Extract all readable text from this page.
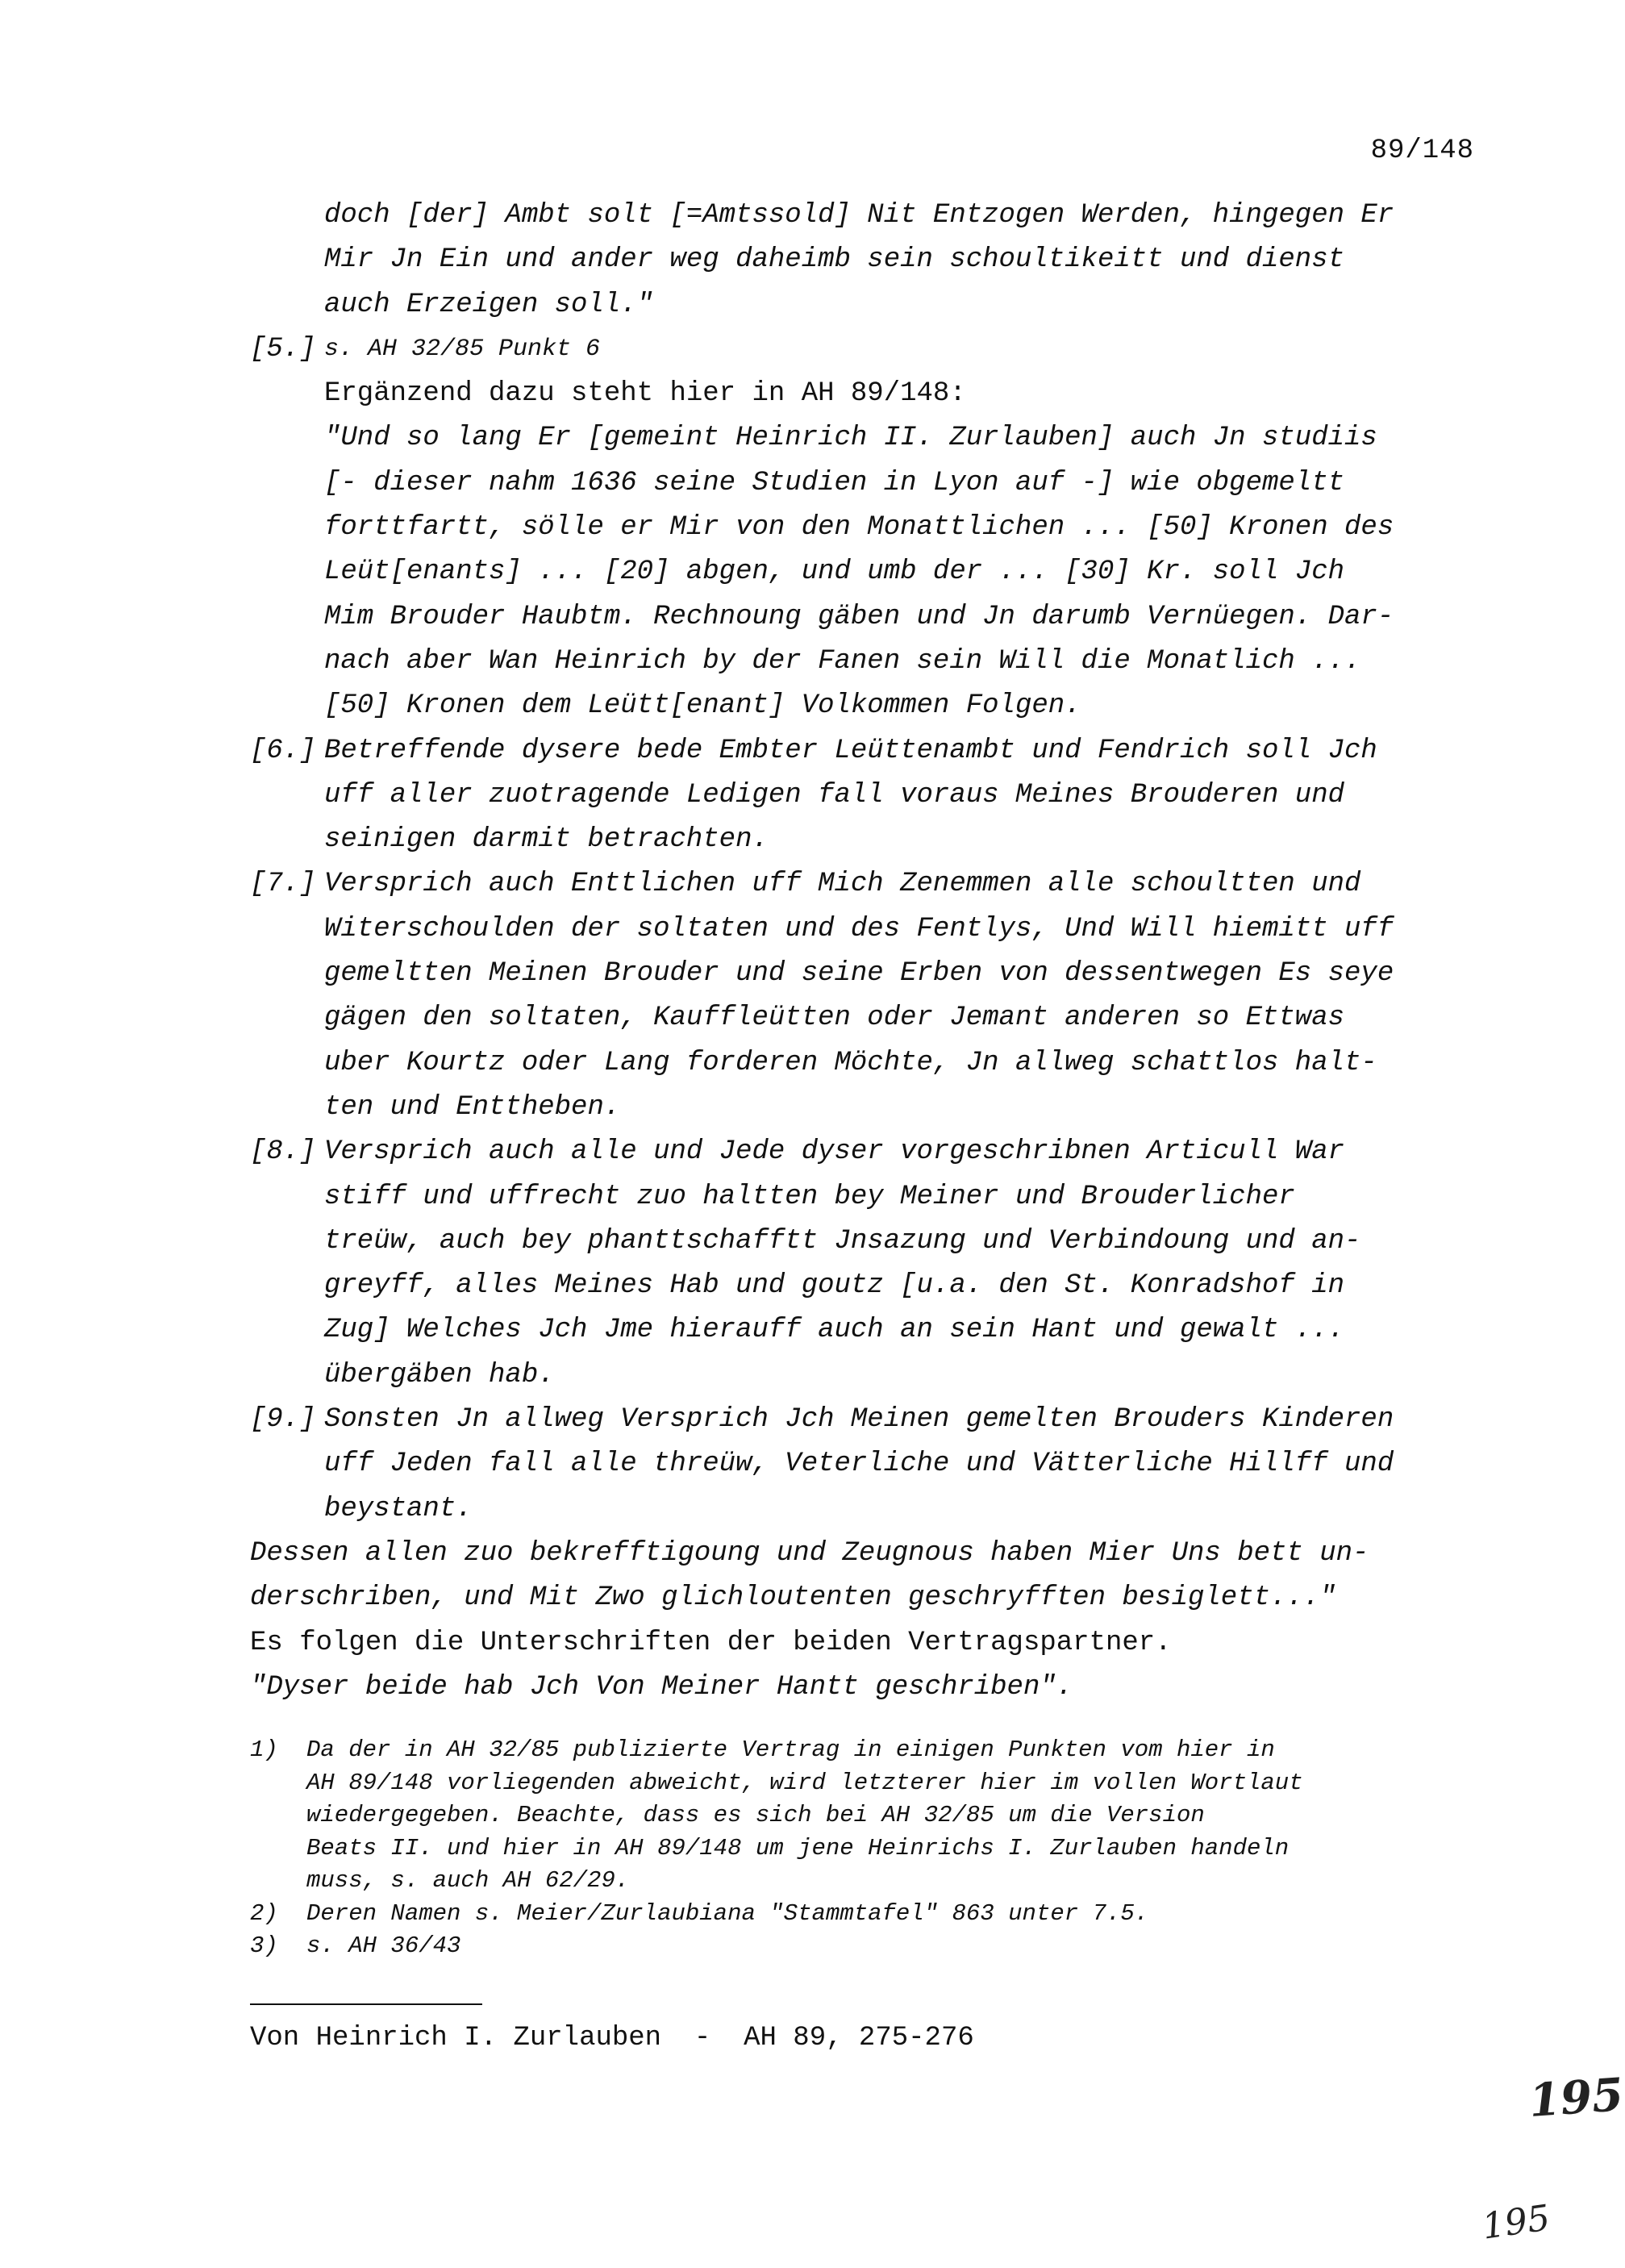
89/148
doch [der] Ambt solt [=Amtssold] Nit Entzogen Werden, hingegen Er
Mir Jn Ein und ander weg daheimb sein schoultikeitt und dienst
auch Erzeigen soll."
[5.] s. AH 32/85 Punkt 6
Ergänzend dazu steht hier in AH 89/148:
"Und so lang Er [gemeint Heinrich II. Zurlauben] auch Jn studiis
[- dieser nahm 1636 seine Studien in Lyon auf -] wie obgemeltt
forttfartt, sölle er Mir von den Monattlichen ... [50] Kronen des
Leüt[enants] ... [20] abgen, und umb der ... [30] Kr. soll Jch
Mim Brouder Haubtm. Rechnoung gäben und Jn darumb Vernüegen. Dar-
nach aber Wan Heinrich by der Fanen sein Will die Monatlich ...
[50] Kronen dem Leütt[enant] Volkommen Folgen.
[6.] Betreffende dysere bede Embter Leüttenambt und Fendrich soll Jch
uff aller zuotragende Ledigen fall voraus Meines Brouderen und
seinigen darmit betrachten.
[7.] Versprich auch Enttlichen uff Mich Zenemmen alle schoultten und
Witerschoulden der soltaten und des Fentlys, Und Will hiemitt uff
gemeltten Meinen Brouder und seine Erben von dessentwegen Es seye
gägen den soltaten, Kauffleütten oder Jemant anderen so Ettwas
uber Kourtz oder Lang forderen Möchte, Jn allweg schattlos halt-
ten und Enttheben.
[8.] Versprich auch alle und Jede dyser vorgeschribnen Articull War
stiff und uffrecht zuo haltten bey Meiner und Brouderlicher
treüw, auch bey phanttschafftt Jnsazung und Verbindoung und an-
greyff, alles Meines Hab und goutz [u.a. den St. Konradshof in
Zug] Welches Jch Jme hierauff auch an sein Hant und gewalt ...
übergäben hab.
[9.] Sonsten Jn allweg Versprich Jch Meinen gemelten Brouders Kinderen
uff Jeden fall alle threüw, Veterliche und Vätterliche Hillff und
beystant.
Dessen allen zuo bekrefftigoung und Zeugnous haben Mier Uns bett un-
derschriben, und Mit Zwo glichloutenten geschryfften besiglett..."
Es folgen die Unterschriften der beiden Vertragspartner.
"Dyser beide hab Jch Von Meiner Hantt geschriben".
1)	Da der in AH 32/85 publizierte Vertrag in einigen Punkten vom hier in
AH 89/148 vorliegenden abweicht, wird letzterer hier im vollen Wortlaut
wiedergegeben. Beachte, dass es sich bei AH 32/85 um die Version
Beats II. und hier in AH 89/148 um jene Heinrichs I. Zurlauben handeln
muss, s. auch AH 62/29.
2)	Deren Namen s. Meier/Zurlaubiana "Stammtafel" 863 unter 7.5.
3)	s. AH 36/43
Von Heinrich I. Zurlauben  -  AH 89, 275-276
195
195
